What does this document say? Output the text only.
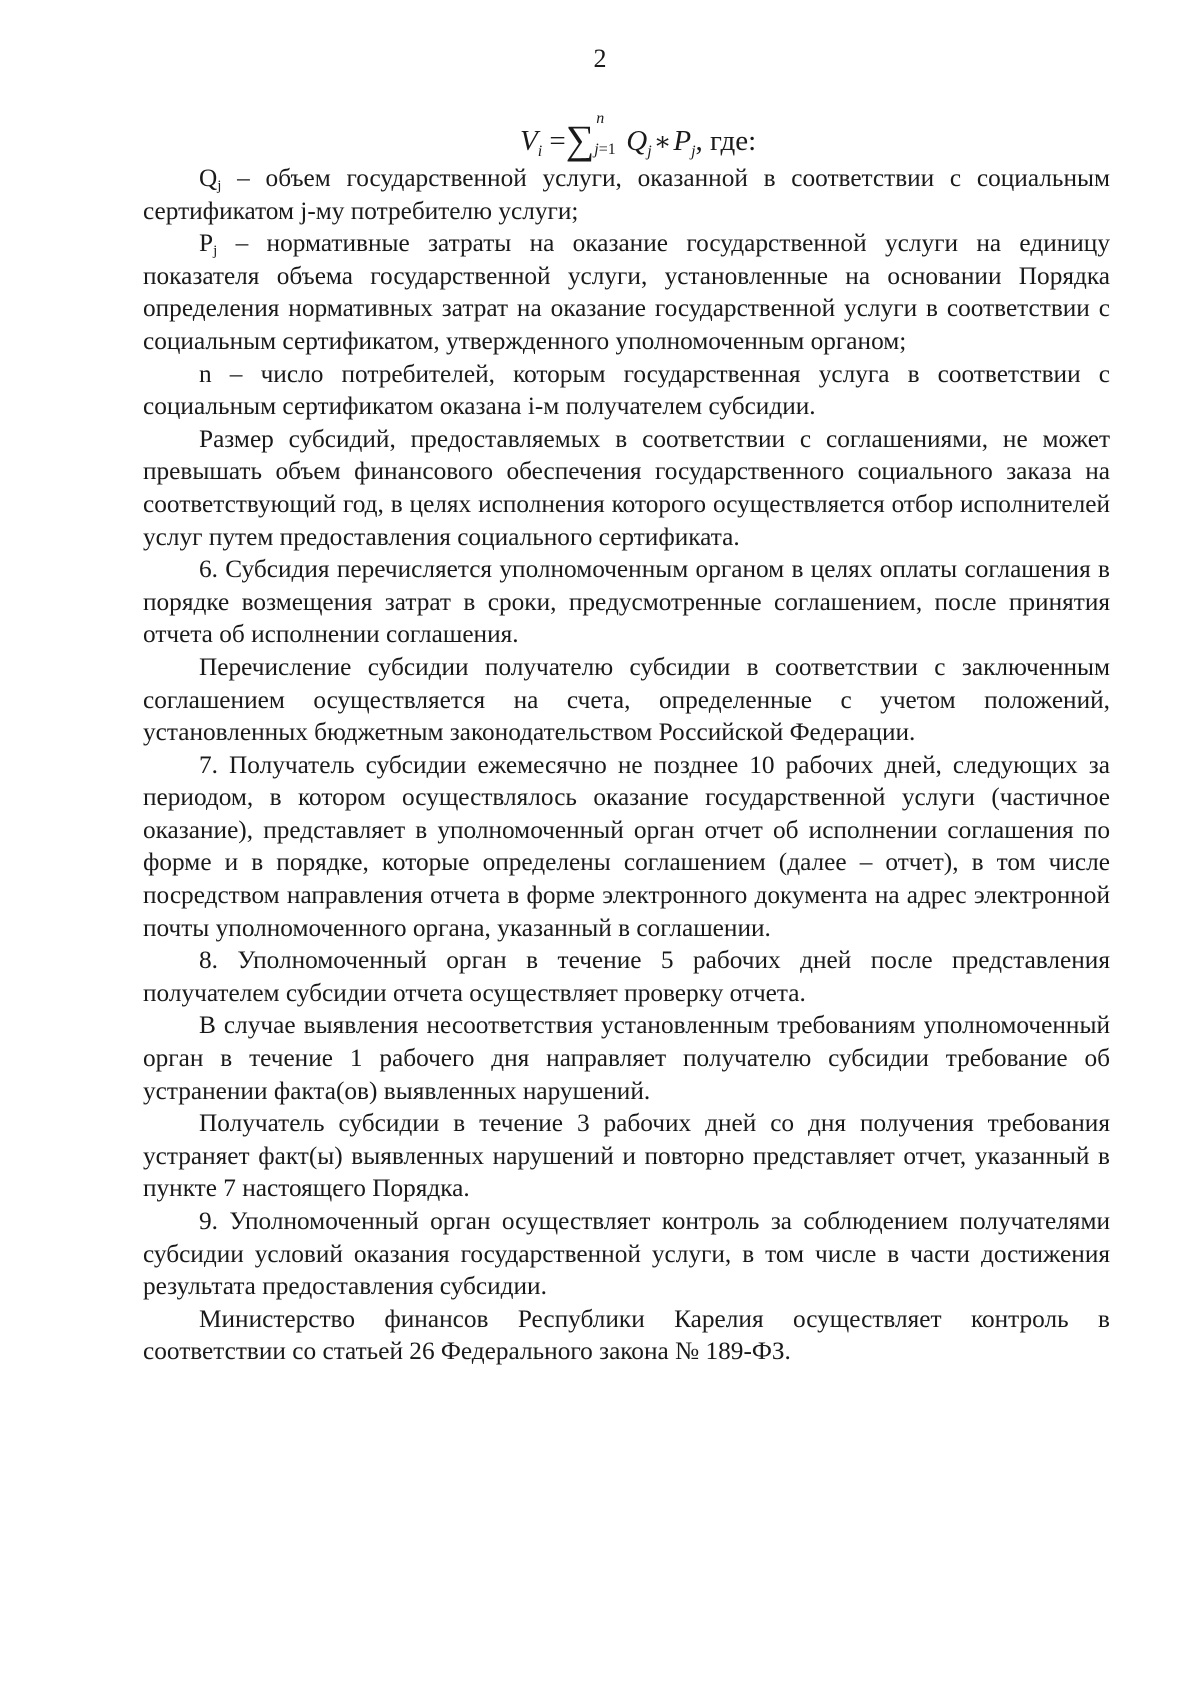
2
$V_i$ =∑ n
j=1 $Q_j∗P_j$, где:

$Q_j$ – объем государственной услуги, оказанной в соответствии с социальным сертификатом j-му потребителю услуги;

$P_j$ – нормативные затраты на оказание государственной услуги на единицу показателя объема государственной услуги, установленные на основании Порядка определения нормативных затрат на оказание государственной услуги в соответствии с социальным сертификатом, утвержденного уполномоченным органом;

n – число потребителей, которым государственная услуга в соответствии с социальным сертификатом оказана i-м получателем субсидии.

Размер субсидий, предоставляемых в соответствии с соглашениями, не может превышать объем финансового обеспечения государственного социального заказа на соответствующий год, в целях исполнения которого осуществляется отбор исполнителей услуг путем предоставления социального сертификата.

6. Субсидия перечисляется уполномоченным органом в целях оплаты соглашения в порядке возмещения затрат в сроки, предусмотренные соглашением, после принятия отчета об исполнении соглашения.

Перечисление субсидии получателю субсидии в соответствии с заключенным соглашением осуществляется на счета, определенные с учетом положений, установленных бюджетным законодательством Российской Федерации.

7. Получатель субсидии ежемесячно не позднее 10 рабочих дней, следующих за периодом, в котором осуществлялось оказание государственной услуги (частичное оказание), представляет в уполномоченный орган отчет об исполнении соглашения по форме и в порядке, которые определены соглашением (далее – отчет), в том числе посредством направления отчета в форме электронного документа на адрес электронной почты уполномоченного органа, указанный в соглашении.

8. Уполномоченный орган в течение 5 рабочих дней после представления получателем субсидии отчета осуществляет проверку отчета.

В случае выявления несоответствия установленным требованиям уполномоченный орган в течение 1 рабочего дня направляет получателю субсидии требование об устранении факта(ов) выявленных нарушений.

Получатель субсидии в течение 3 рабочих дней со дня получения требования устраняет факт(ы) выявленных нарушений и повторно представляет отчет, указанный в пункте 7 настоящего Порядка.

9. Уполномоченный орган осуществляет контроль за соблюдением получателями субсидии условий оказания государственной услуги, в том числе в части достижения результата предоставления субсидии.

Министерство финансов Республики Карелия осуществляет контроль в соответствии со статьей 26 Федерального закона № 189-ФЗ.
